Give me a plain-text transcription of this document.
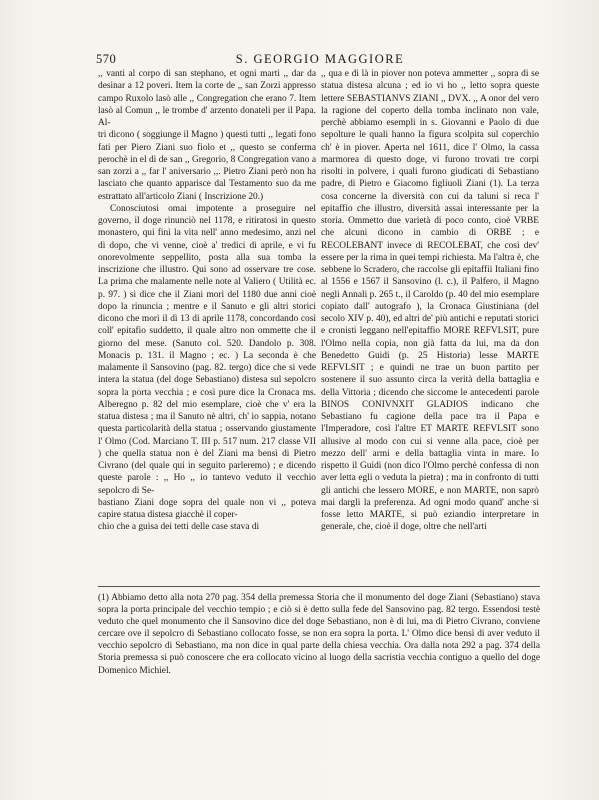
570	S. GEORGIO MAGGIORE

,, vanti al corpo di san stephano, et ogni marti ,, dar da desinar a 12 poveri. Item la corte de ,, san Zorzi appresso campo Ruxolo lasò alle ,, Congregation che erano 7. Item lasò al Comun ,, le trombe d' arzento donateli per il Papa. Al-

tri dicono ( soggiunge il Magno ) questi tutti ,, legati fono fati per Piero Ziani suo fiolo et ,, questo se conferma perochè in el dì de san ,, Gregorio, 8 Congregation vano a san zorzi a ,, far l' aniversario ,,. Pietro Ziani però non ha lasciato che quanto apparisce dal Testamento suo da me estrattato all'articolo Ziani ( Inscrizione 20.)

Conosciutosi omai impotente a proseguire nel governo, il doge rinunciò nel 1178, e ritiratosi in questo monastero, qui finì la vita nell' anno medesimo, anzi nel dì dopo, che vi venne, cioè a' tredici di aprile, e vi fu onorevolmente seppellito, posta alla sua tomba la inscrizione che illustro. Qui sono ad osservare tre cose. La prima che malamente nelle note al Valiero ( Utilità ec. p. 97. ) si dice che il Ziani morì del 1180 due anni cioè dopo la rinuncia ; mentre e il Sanuto e gli altri storici dicono che morì il dì 13 di aprile 1178, concordando così coll' epitafio suddetto, il quale altro non ommette che il giorno del mese. (Sanuto col. 520. Dandolo p. 308. Monacis p. 131. il Magno ; ec. ) La seconda è che malamente il Sansovino (pag. 82. tergo) dice che si vede intera la statua (del doge Sebastiano) distesa sul sepolcro sopra la porta vecchia ; e così pure dice la Cronaca ms. Alberegno p. 82 del mio esemplare, cioè che v' era la statua distesa ; ma il Sanuto nè altri, ch' io sappia, notano questa particolarità della statua ; osservando giustamente l' Olmo (Cod. Marciano T. III p. 517 num. 217 classe VII ) che quella statua non è del Ziani ma bensì di Pietro Civrano (del quale qui in seguito parleremo) ; e dicendo queste parole : ,, Ho ,, io tantevo veduto il vecchio sepolcro di Se-

bastiano Ziani doge sopra del quale non vi ,, poteva capire statua distesa giacchè il coper-

chio che a guisa dei tetti delle case stava di

,, qua e di là in piover non poteva ammetter ,, sopra di se statua distesa alcuna ; ed io vi ho ,, letto sopra queste lettere SEBASTIANVS ZIANI ,, DVX. ,, A onor del vero la ragione del coperto della tomba inclinato non vale, perchè abbiamo esempli in s. Giovanni e Paolo di due sepolture le quali hanno la figura scolpita sul coperchio ch' è in piover. Aperta nel 1611, dice l' Olmo, la cassa marmorea di questo doge, vi furono trovati tre corpi risolti in polvere, i quali furono giudicati di Sebastiano padre, di Pietro e Giacomo figliuoli Ziani (1). La terza cosa concerne la diversità con cui da taluni si reca l' epitaffio che illustro, diversità assai interessante per la storia. Ommetto due varietà di poco conto, cioè VRBE che alcuni dicono in cambio di ORBE ; e RECOLEBANT invece di RECOLEBAT, che così dev' essere per la rima in quei tempi richiesta. Ma l'altra è, che sebbene lo Scradero, che raccolse gli epitaffii Italiani fino al 1556 e 1567 il Sansovino (l. c.), il Palfero, il Magno negli Annali p. 265 t., il Caroldo (p. 40 del mio esemplare copiato dall' autografo ), la Cronaca Giustiniana (del secolo XIV p. 40), ed altri de' più antichi e reputati storici e cronisti leggano nell'epitaffio MORE REFVLSIT, pure l'Olmo nella copia, non già fatta da lui, ma da don Benedetto Guidi (p. 25 Historia) lesse MARTE REFVLSIT ; e quindi ne trae un buon partito per sostenere il suo assunto circa la verità della battaglia e della Vittoria ; dicendo che siccome le antecedenti parole BINOS CONIVNXIT GLADIOS indicano che Sebastiano fu cagione della pace tra il Papa e l'Imperadore, così l'altre ET MARTE REFVLSIT sono allusive al modo con cui si venne alla pace, cioè per mezzo dell' armi e della battaglia vinta in mare. Io rispetto il Guidi (non dico l'Olmo perchè confessa di non aver letta egli o veduta la pietra) ; ma in confronto di tutti gli antichi che lessero MORE, e non MARTE, non saprò mai dargli la preferenza. Ad ogni modo quand' anche si fosse letto MARTE, si può eziandio interpretare in generale, che, cioè il doge, oltre che nell'arti

(1) Abbiamo detto alla nota 270 pag. 354 della premessa Storia che il monumento del doge Ziani (Sebastiano) stava sopra la porta principale del vecchio tempio ; e ciò si è detto sulla fede del Sansovino pag. 82 tergo. Essendosi testè veduto che quel monumento che il Sansovino dice del doge Sebastiano, non è di lui, ma di Pietro Civrano, conviene cercare ove il sepolcro di Sebastiano collocato fosse, se non era sopra la porta. L' Olmo dice bensì di aver veduto il vecchio sepolcro di Sebastiano, ma non dice in qual parte della chiesa vecchia. Ora dalla nota 292 a pag. 374 della Storia premessa si può conoscere che era collocato vicino al luogo della sacristia vecchia contiguo a quello del doge Domenico Michiel.
